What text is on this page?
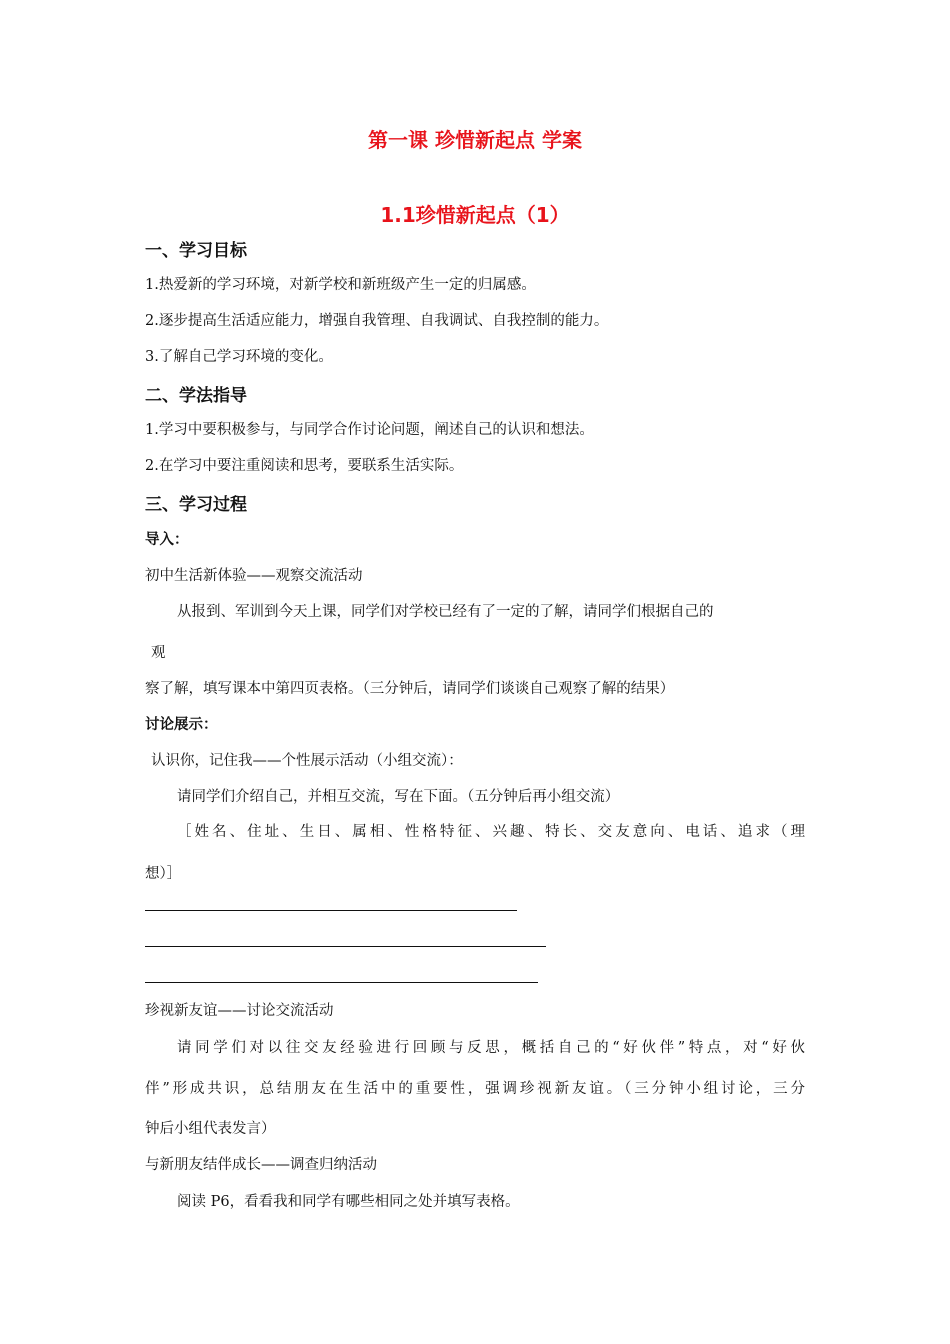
第一课 珍惜新起点 学案
1.1珍惜新起点（1）
一、学习目标
1.热爱新的学习环境，对新学校和新班级产生一定的归属感。
2.逐步提高生活适应能力，增强自我管理、自我调试、自我控制的能力。
3.了解自己学习环境的变化。
二、学法指导
1.学习中要积极参与，与同学合作讨论问题，阐述自己的认识和想法。
2.在学习中要注重阅读和思考，要联系生活实际。
三、学习过程
导入：
初中生活新体验——观察交流活动
从报到、军训到今天上课，同学们对学校已经有了一定的了解，请同学们根据自己的
观
察了解，填写课本中第四页表格。（三分钟后，请同学们谈谈自己观察了解的结果）
讨论展示：
认识你，记住我——个性展示活动（小组交流）：
请同学们介绍自己，并相互交流，写在下面。（五分钟后再小组交流）
［姓名、住址、生日、属相、性格特征、兴趣、特长、交友意向、电话、追求（理
想）］
珍视新友谊——讨论交流活动
请同学们对以往交友经验进行回顾与反思，概括自己的“好伙伴”特点，对“好伙
伴”形成共识，总结朋友在生活中的重要性，强调珍视新友谊。（三分钟小组讨论，三分
钟后小组代表发言）
与新朋友结伴成长——调查归纳活动
阅读 P6，看看我和同学有哪些相同之处并填写表格。
